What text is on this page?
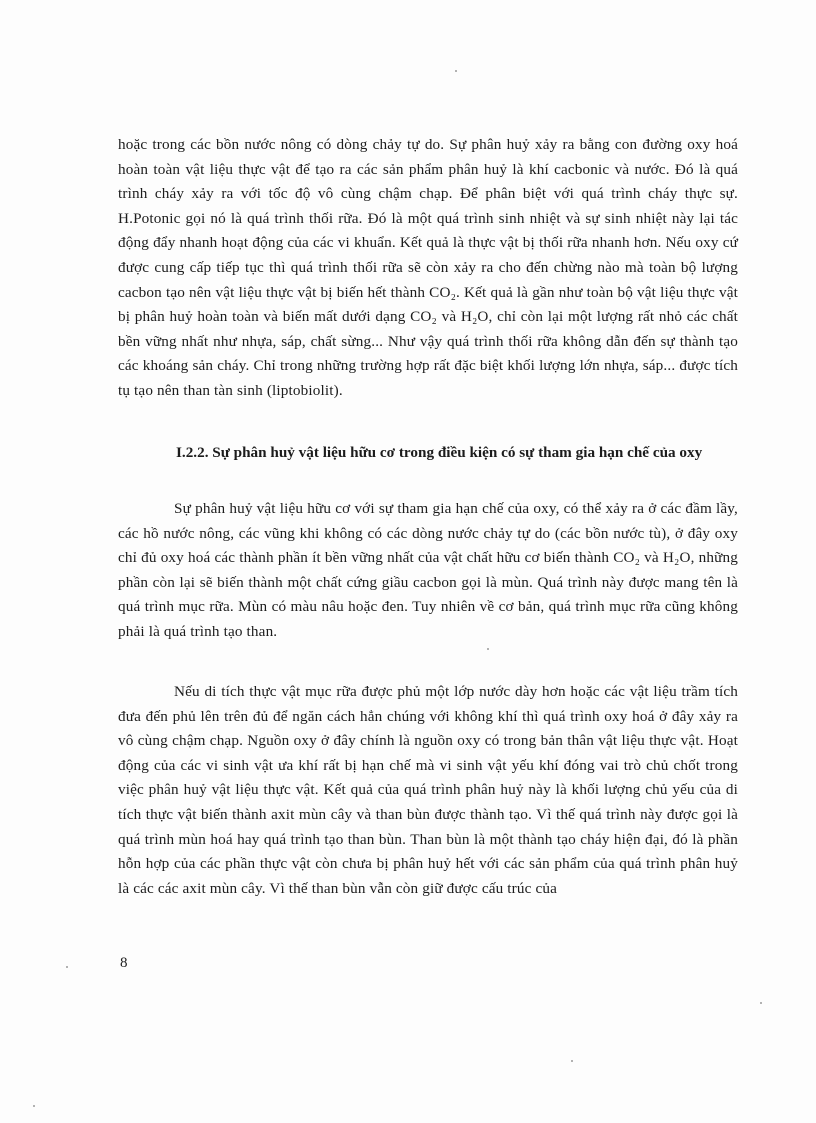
hoặc trong các bồn nước nông có dòng chảy tự do. Sự phân huỷ xảy ra bằng con đường oxy hoá hoàn toàn vật liệu thực vật để tạo ra các sản phẩm phân huỷ là khí cacbonic và nước. Đó là quá trình cháy xảy ra với tốc độ vô cùng chậm chạp. Để phân biệt với quá trình cháy thực sự. H.Potonic gọi nó là quá trình thối rữa. Đó là một quá trình sinh nhiệt và sự sinh nhiệt này lại tác động đẩy nhanh hoạt động của các vi khuẩn. Kết quả là thực vật bị thối rữa nhanh hơn. Nếu oxy cứ được cung cấp tiếp tục thì quá trình thối rữa sẽ còn xảy ra cho đến chừng nào mà toàn bộ lượng cacbon tạo nên vật liệu thực vật bị biến hết thành CO₂. Kết quả là gần như toàn bộ vật liệu thực vật bị phân huỷ hoàn toàn và biến mất dưới dạng CO₂ và H₂O, chỉ còn lại một lượng rất nhỏ các chất bền vững nhất như nhựa, sáp, chất sừng... Như vậy quá trình thối rữa không dẫn đến sự thành tạo các khoáng sản cháy. Chỉ trong những trường hợp rất đặc biệt khối lượng lớn nhựa, sáp... được tích tụ tạo nên than tàn sinh (liptobiolit).

I.2.2. Sự phân huỷ vật liệu hữu cơ trong điều kiện có sự tham gia hạn chế của oxy

Sự phân huỷ vật liệu hữu cơ với sự tham gia hạn chế của oxy, có thể xảy ra ở các đầm lầy, các hồ nước nông, các vũng khi không có các dòng nước chảy tự do (các bồn nước tù), ở đây oxy chỉ đủ oxy hoá các thành phần ít bền vững nhất của vật chất hữu cơ biến thành CO₂ và H₂O, những phần còn lại sẽ biến thành một chất cứng giầu cacbon gọi là mùn. Quá trình này được mang tên là quá trình mục rữa. Mùn có màu nâu hoặc đen. Tuy nhiên về cơ bản, quá trình mục rữa cũng không phải là quá trình tạo than.

Nếu di tích thực vật mục rữa được phủ một lớp nước dày hơn hoặc các vật liệu trầm tích đưa đến phủ lên trên đủ để ngăn cách hẳn chúng với không khí thì quá trình oxy hoá ở đây xảy ra vô cùng chậm chạp. Nguồn oxy ở đây chính là nguồn oxy có trong bản thân vật liệu thực vật. Hoạt động của các vi sinh vật ưa khí rất bị hạn chế mà vi sinh vật yếu khí đóng vai trò chủ chốt trong việc phân huỷ vật liệu thực vật. Kết quả của quá trình phân huỷ này là khối lượng chủ yếu của di tích thực vật biến thành axit mùn cây và than bùn được thành tạo. Vì thế quá trình này được gọi là quá trình mùn hoá hay quá trình tạo than bùn. Than bùn là một thành tạo cháy hiện đại, đó là phần hỗn hợp của các phần thực vật còn chưa bị phân huỷ hết với các sản phẩm của quá trình phân huỷ là các các axit mùn cây. Vì thế than bùn vẫn còn giữ được cấu trúc của

8
